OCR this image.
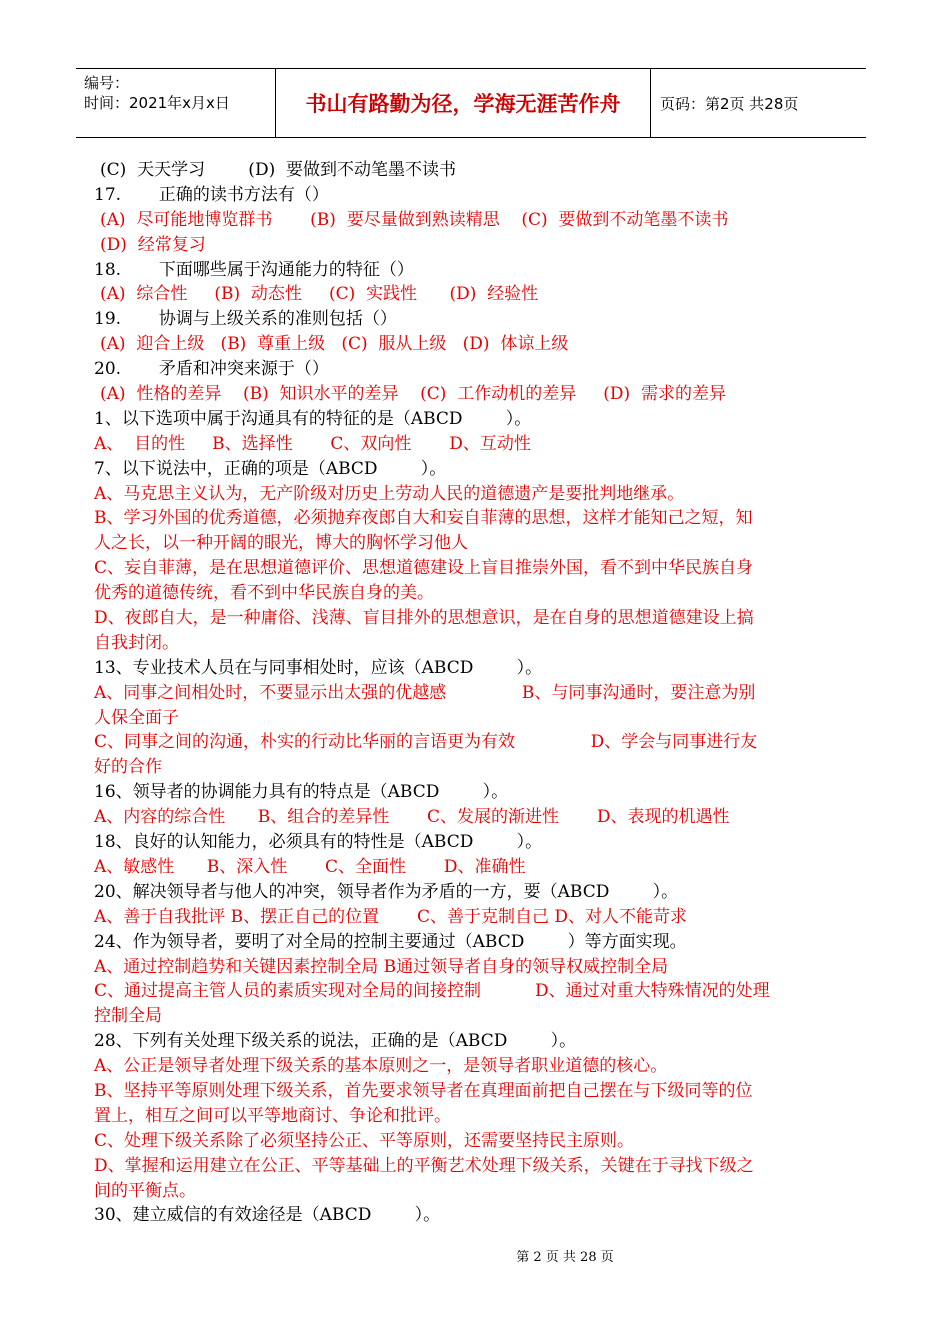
编号：
时间：2021年x月x日	书山有路勤为径，学海无涯苦作舟	页码：第2页 共28页
(C)  天天学习        (D)  要做到不动笔墨不读书
17.       正确的读书方法有（）
(A)  尽可能地博览群书       (B)  要尽量做到熟读精思    (C)  要做到不动笔墨不读书
(D)  经常复习
18.       下面哪些属于沟通能力的特征（）
(A)  综合性     (B)  动态性     (C)  实践性      (D)  经验性
19.       协调与上级关系的准则包括（）
(A)  迎合上级   (B)  尊重上级   (C)  服从上级   (D)  体谅上级
20.       矛盾和冲突来源于（）
(A)  性格的差异    (B)  知识水平的差异    (C)  工作动机的差异     (D)  需求的差异
1、以下选项中属于沟通具有的特征的是（ABCD        ）。
A、  目的性     B、选择性       C、双向性       D、互动性
7、以下说法中，正确的项是（ABCD        ）。
A、马克思主义认为，无产阶级对历史上劳动人民的道德遗产是要批判地继承。
B、学习外国的优秀道德，必须抛弃夜郎自大和妄自菲薄的思想，这样才能知己之短，知
人之长，以一种开阔的眼光，博大的胸怀学习他人
C、妄自菲薄，是在思想道德评价、思想道德建设上盲目推崇外国，看不到中华民族自身
优秀的道德传统，看不到中华民族自身的美。
D、夜郎自大，是一种庸俗、浅薄、盲目排外的思想意识，是在自身的思想道德建设上搞
自我封闭。
13、专业技术人员在与同事相处时，应该（ABCD        ）。
A、同事之间相处时，不要显示出太强的优越感              B、与同事沟通时，要注意为别
人保全面子
C、同事之间的沟通，朴实的行动比华丽的言语更为有效              D、学会与同事进行友
好的合作
16、领导者的协调能力具有的特点是（ABCD        ）。
A、内容的综合性      B、组合的差异性       C、发展的渐进性       D、表现的机遇性
18、良好的认知能力，必须具有的特性是（ABCD        ）。
A、敏感性      B、深入性       C、全面性       D、准确性
20、解决领导者与他人的冲突，领导者作为矛盾的一方，要（ABCD        ）。
A、善于自我批评 B、摆正自己的位置       C、善于克制自己 D、对人不能苛求
24、作为领导者，要明了对全局的控制主要通过（ABCD        ）等方面实现。
A、通过控制趋势和关键因素控制全局 B通过领导者自身的领导权威控制全局
C、通过提高主管人员的素质实现对全局的间接控制          D、通过对重大特殊情况的处理
控制全局
28、下列有关处理下级关系的说法，正确的是（ABCD        ）。
A、公正是领导者处理下级关系的基本原则之一，是领导者职业道德的核心。
B、坚持平等原则处理下级关系，首先要求领导者在真理面前把自己摆在与下级同等的位
置上，相互之间可以平等地商讨、争论和批评。
C、处理下级关系除了必须坚持公正、平等原则，还需要坚持民主原则。
D、掌握和运用建立在公正、平等基础上的平衡艺术处理下级关系，关键在于寻找下级之
间的平衡点。
30、建立威信的有效途径是（ABCD        ）。
第 2 页 共 28 页
